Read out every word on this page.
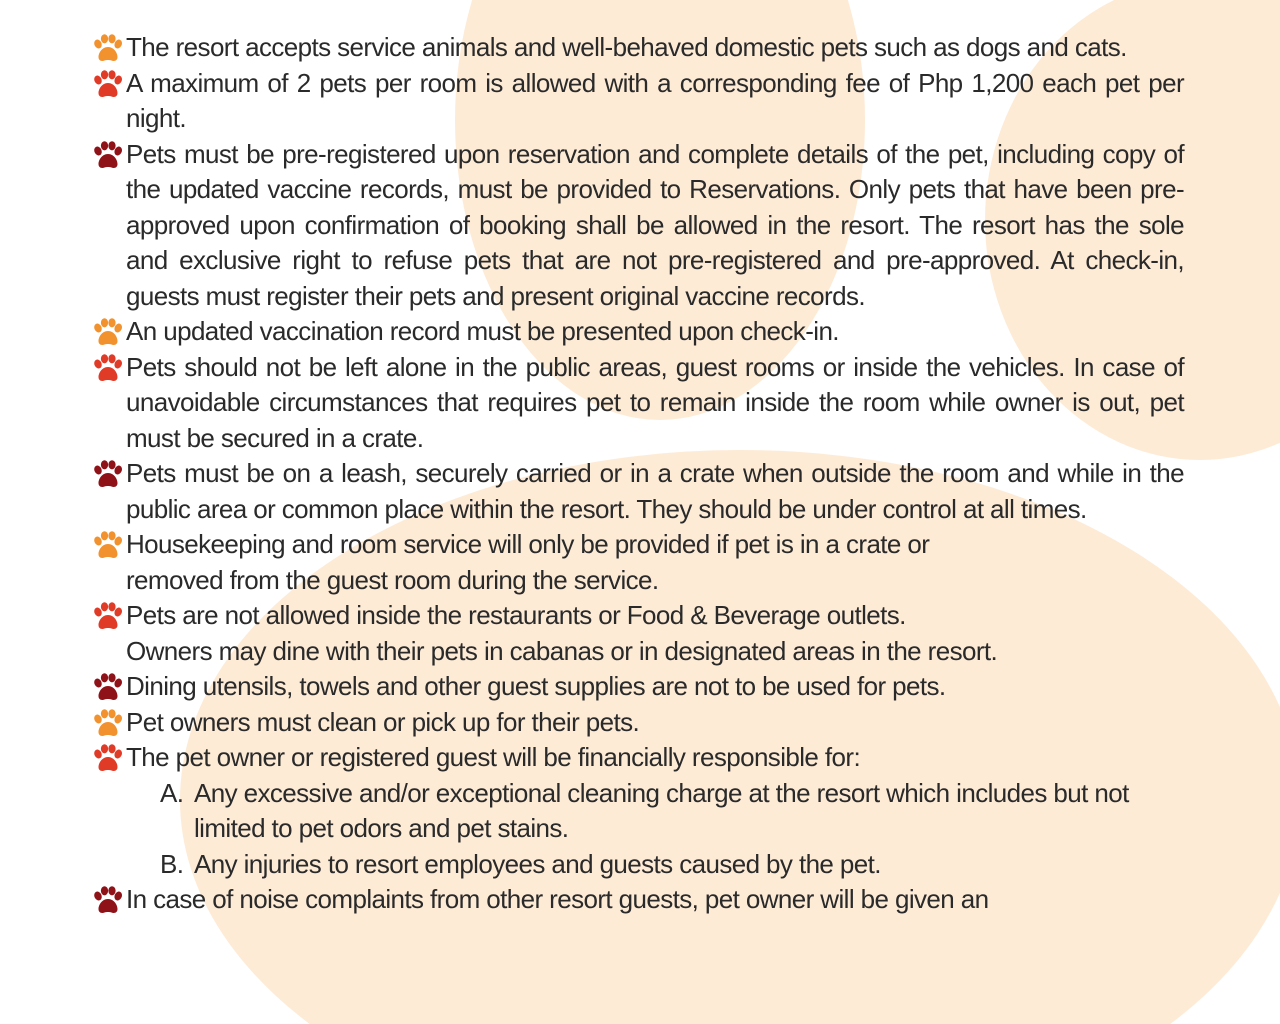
The resort accepts service animals and well-behaved domestic pets such as dogs and cats.

A maximum of 2 pets per room is allowed with a corresponding fee of Php 1,200 each pet per night.

Pets must be pre-registered upon reservation and complete details of the pet, including copy of the updated vaccine records, must be provided to Reservations. Only pets that have been pre-approved upon confirmation of booking shall be allowed in the resort. The resort has the sole and exclusive right to refuse pets that are not pre-registered and pre-approved. At check-in, guests must register their pets and present original vaccine records.

An updated vaccination record must be presented upon check-in.

Pets should not be left alone in the public areas, guest rooms or inside the vehicles. In case of unavoidable circumstances that requires pet to remain inside the room while owner is out, pet must be secured in a crate.

Pets must be on a leash, securely carried or in a crate when outside the room and while in the public area or common place within the resort. They should be under control at all times.

Housekeeping and room service will only be provided if pet is in a crate or
removed from the guest room during the service.

Pets are not allowed inside the restaurants or Food & Beverage outlets.
Owners may dine with their pets in cabanas or in designated areas in the resort.

Dining utensils, towels and other guest supplies are not to be used for pets.

Pet owners must clean or pick up for their pets.

The pet owner or registered guest will be financially responsible for:

A. Any excessive and/or exceptional cleaning charge at the resort which includes but not limited to pet odors and pet stains.
B. Any injuries to resort employees and guests caused by the pet.

In case of noise complaints from other resort guests, pet owner will be given an
